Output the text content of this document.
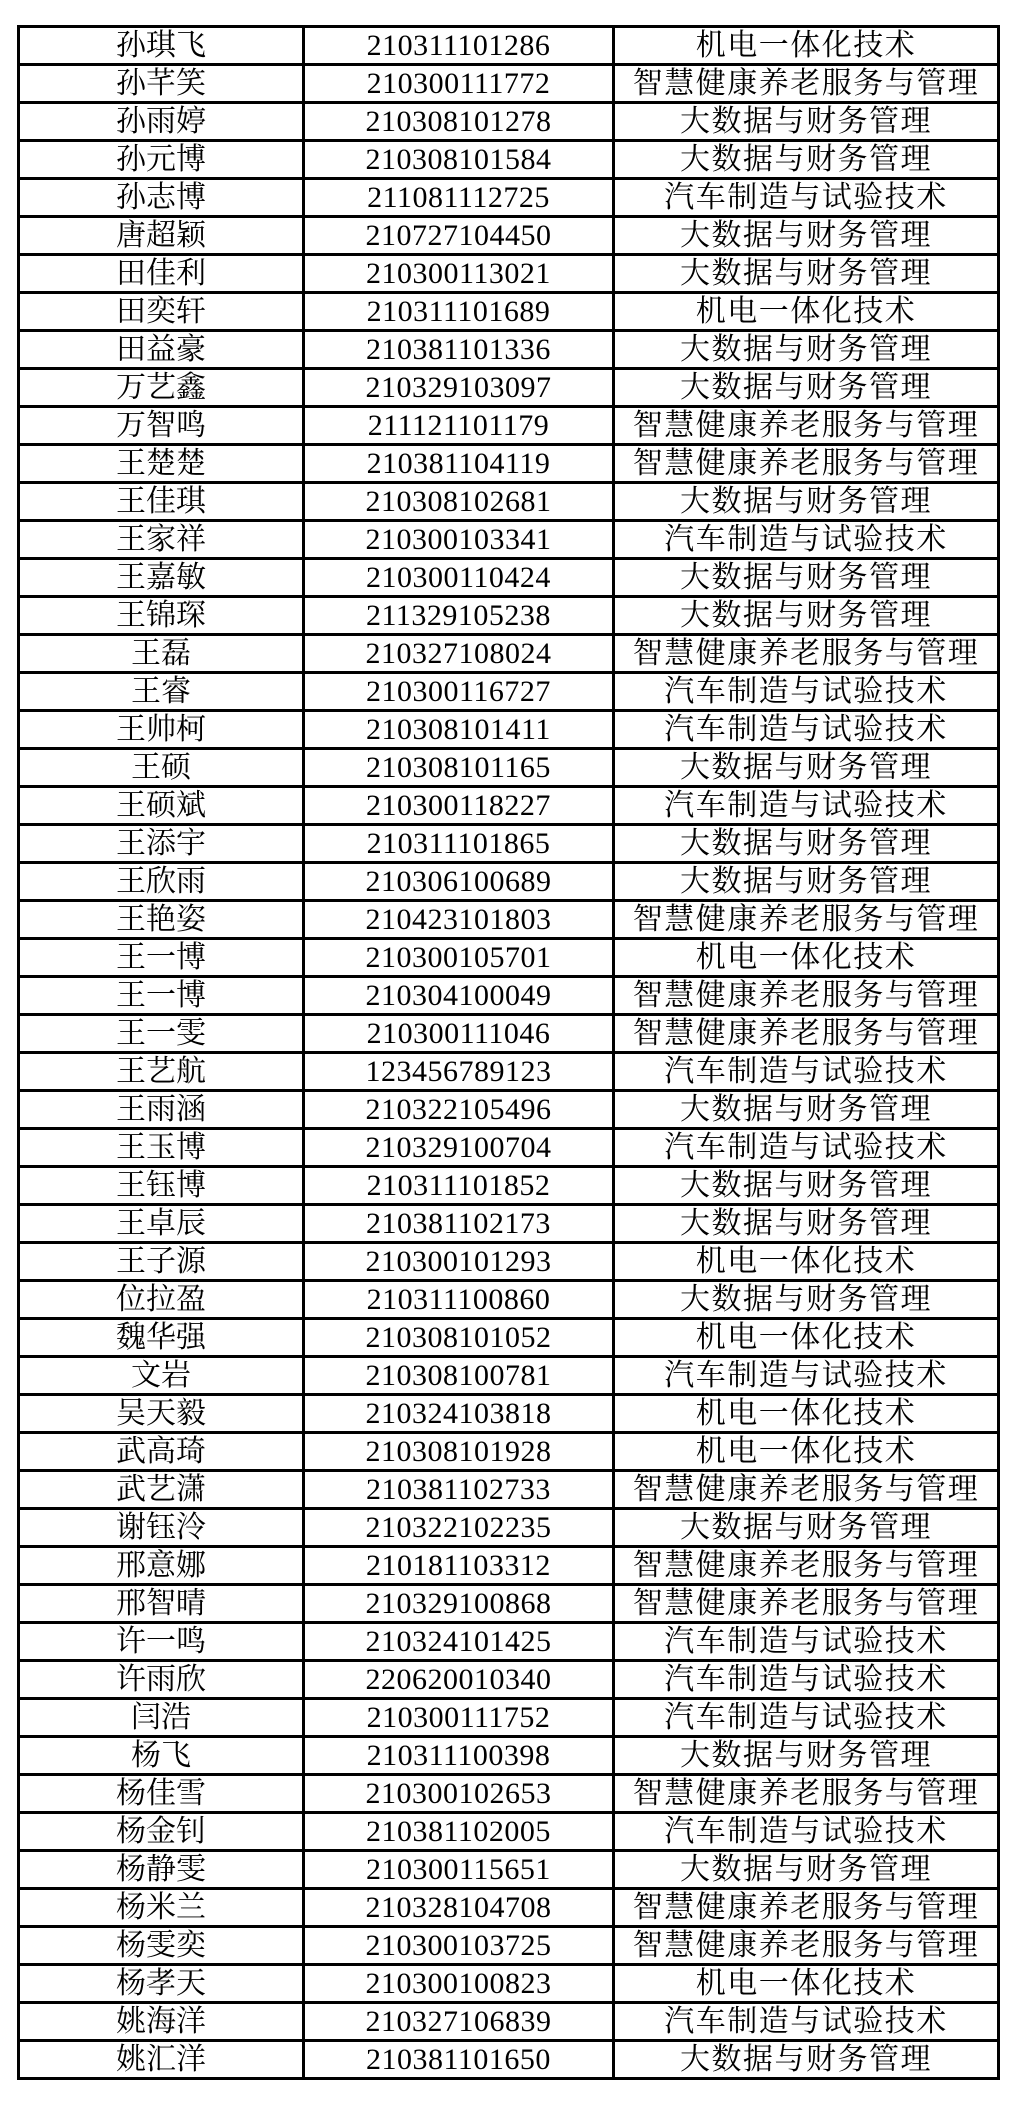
孙琪飞	210311101286	机电一体化技术
孙芊笑	210300111772	智慧健康养老服务与管理
孙雨婷	210308101278	大数据与财务管理
孙元博	210308101584	大数据与财务管理
孙志博	211081112725	汽车制造与试验技术
唐超颖	210727104450	大数据与财务管理
田佳利	210300113021	大数据与财务管理
田奕轩	210311101689	机电一体化技术
田益豪	210381101336	大数据与财务管理
万艺鑫	210329103097	大数据与财务管理
万智鸣	211121101179	智慧健康养老服务与管理
王楚楚	210381104119	智慧健康养老服务与管理
王佳琪	210308102681	大数据与财务管理
王家祥	210300103341	汽车制造与试验技术
王嘉敏	210300110424	大数据与财务管理
王锦琛	211329105238	大数据与财务管理
王磊	210327108024	智慧健康养老服务与管理
王睿	210300116727	汽车制造与试验技术
王帅柯	210308101411	汽车制造与试验技术
王硕	210308101165	大数据与财务管理
王硕斌	210300118227	汽车制造与试验技术
王添宇	210311101865	大数据与财务管理
王欣雨	210306100689	大数据与财务管理
王艳姿	210423101803	智慧健康养老服务与管理
王一博	210300105701	机电一体化技术
王一博	210304100049	智慧健康养老服务与管理
王一雯	210300111046	智慧健康养老服务与管理
王艺航	123456789123	汽车制造与试验技术
王雨涵	210322105496	大数据与财务管理
王玉博	210329100704	汽车制造与试验技术
王钰博	210311101852	大数据与财务管理
王卓辰	210381102173	大数据与财务管理
王子源	210300101293	机电一体化技术
位拉盈	210311100860	大数据与财务管理
魏华强	210308101052	机电一体化技术
文岩	210308100781	汽车制造与试验技术
吴天毅	210324103818	机电一体化技术
武高琦	210308101928	机电一体化技术
武艺潇	210381102733	智慧健康养老服务与管理
谢钰泠	210322102235	大数据与财务管理
邢意娜	210181103312	智慧健康养老服务与管理
邢智晴	210329100868	智慧健康养老服务与管理
许一鸣	210324101425	汽车制造与试验技术
许雨欣	220620010340	汽车制造与试验技术
闫浩	210300111752	汽车制造与试验技术
杨飞	210311100398	大数据与财务管理
杨佳雪	210300102653	智慧健康养老服务与管理
杨金钊	210381102005	汽车制造与试验技术
杨静雯	210300115651	大数据与财务管理
杨米兰	210328104708	智慧健康养老服务与管理
杨雯奕	210300103725	智慧健康养老服务与管理
杨孝天	210300100823	机电一体化技术
姚海洋	210327106839	汽车制造与试验技术
姚汇洋	210381101650	大数据与财务管理
